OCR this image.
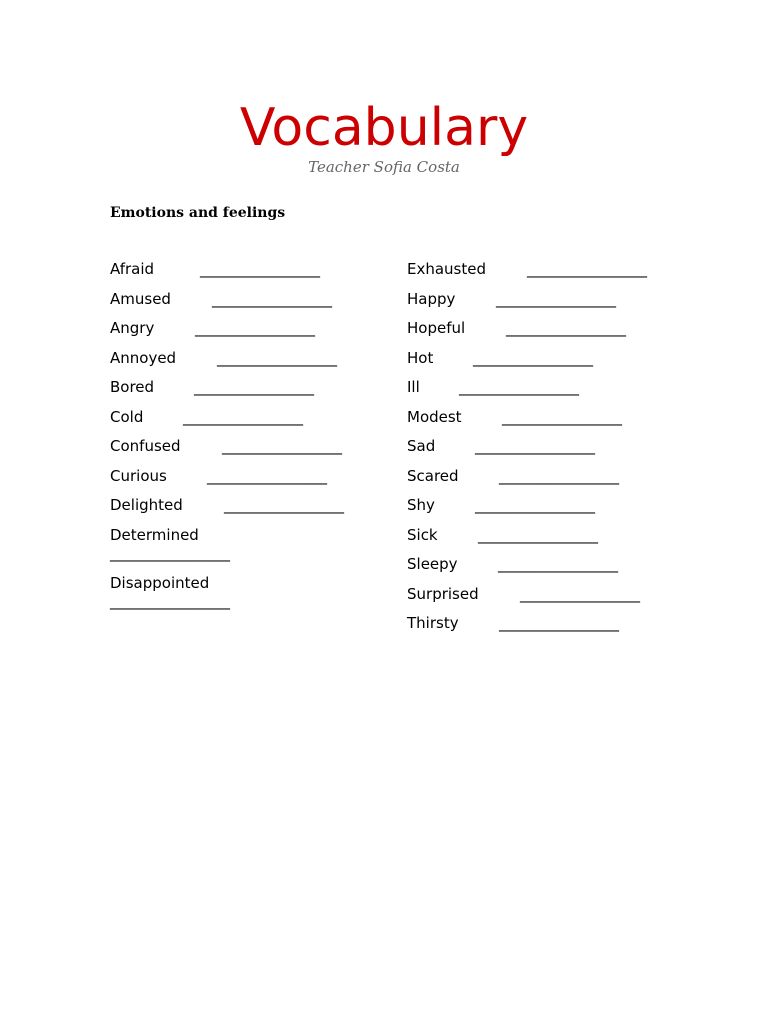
Vocabulary
Teacher Sofia Costa
Emotions and feelings
Afraid	________________
Amused	________________
Angry	________________
Annoyed	________________
Bored	________________
Cold	________________
Confused	________________
Curious	________________
Delighted	________________
Determined
________________
Disappointed
________________
Exhausted	________________
Happy	________________
Hopeful	________________
Hot	________________
Ill	________________
Modest	________________
Sad	________________
Scared	________________
Shy	________________
Sick	________________
Sleepy	________________
Surprised	________________
Thirsty	________________
